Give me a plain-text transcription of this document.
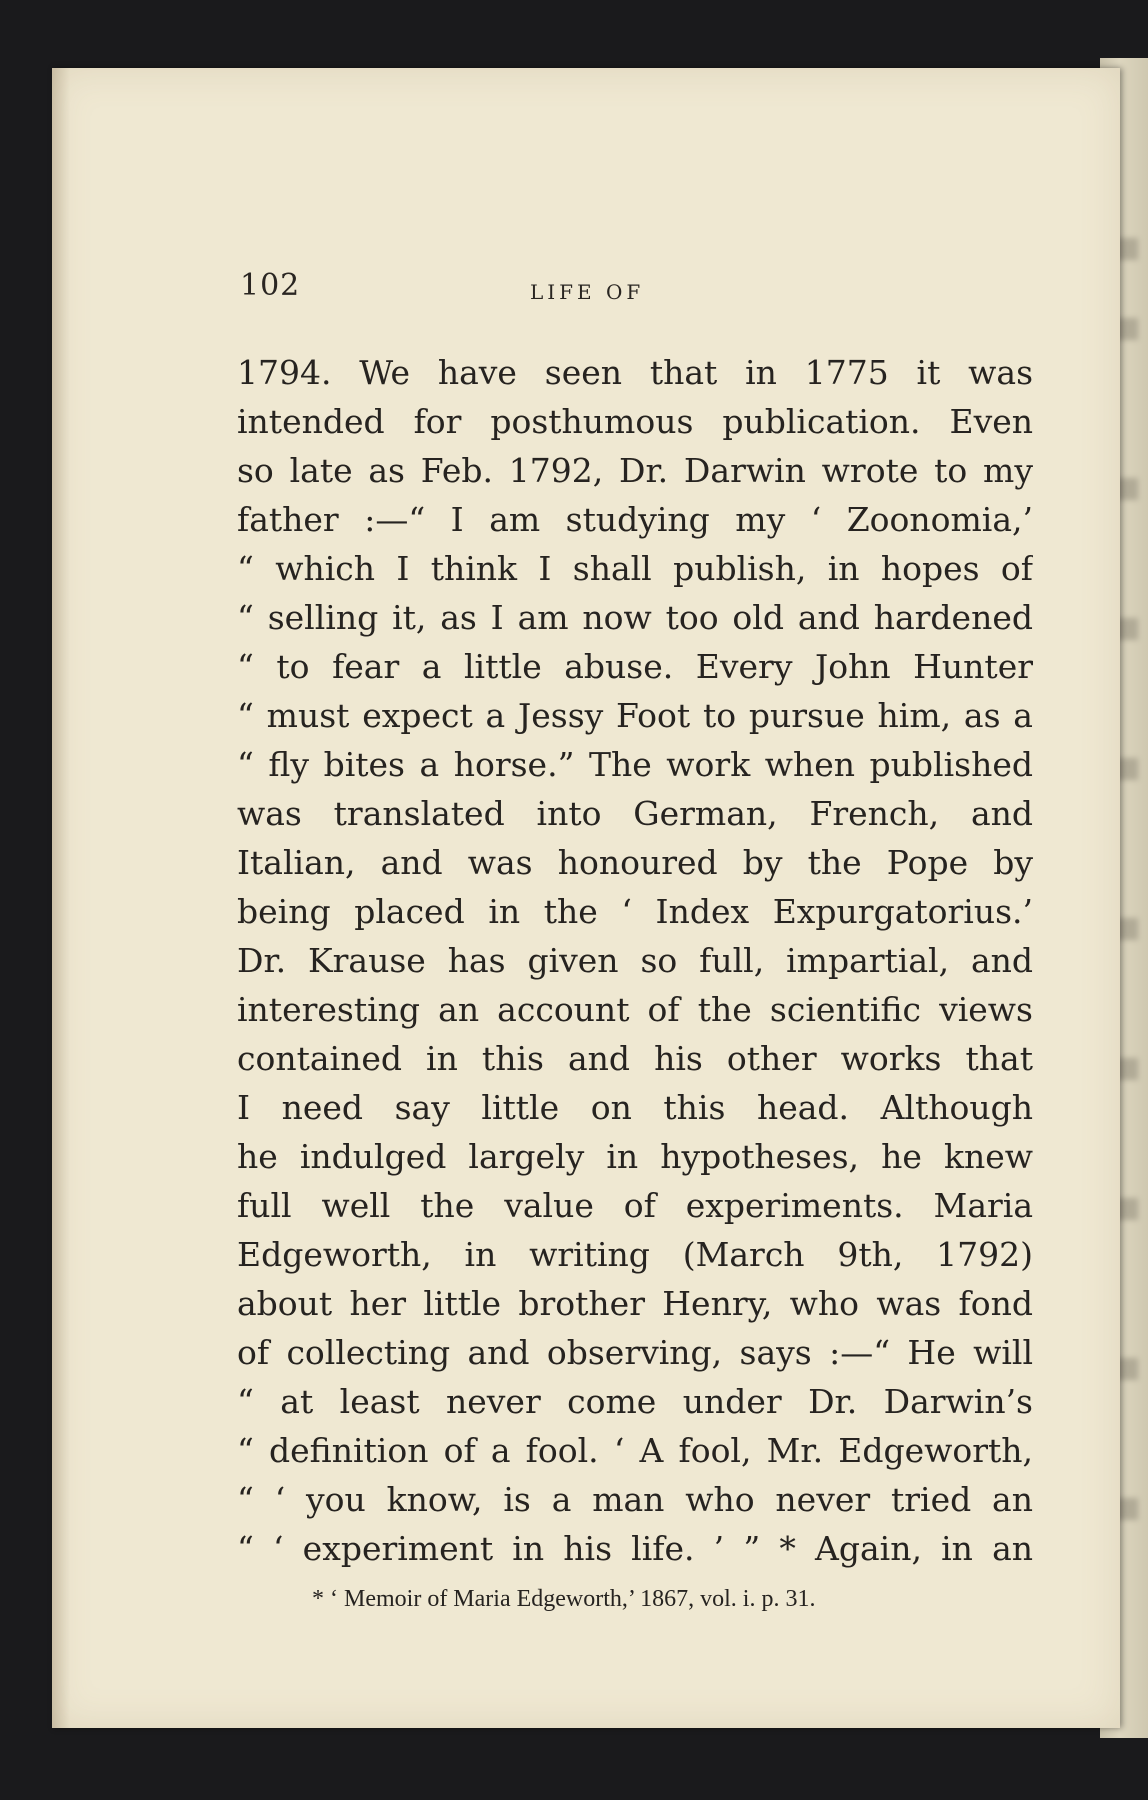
102	LIFE OF
1794. We have seen that in 1775 it was
intended for posthumous publication. Even
so late as Feb. 1792, Dr. Darwin wrote to my
father :—“ I am studying my ‘ Zoonomia,’
“ which I think I shall publish, in hopes of
“ selling it, as I am now too old and hardened
“ to fear a little abuse. Every John Hunter
“ must expect a Jessy Foot to pursue him, as a
“ fly bites a horse.” The work when published
was translated into German, French, and
Italian, and was honoured by the Pope by
being placed in the ‘ Index Expurgatorius.’
Dr. Krause has given so full, impartial, and
interesting an account of the scientific views
contained in this and his other works that
I need say little on this head. Although
he indulged largely in hypotheses, he knew
full well the value of experiments. Maria
Edgeworth, in writing (March 9th, 1792)
about her little brother Henry, who was fond
of collecting and observing, says :—“ He will
“ at least never come under Dr. Darwin’s
“ definition of a fool. ‘ A fool, Mr. Edgeworth,
“ ‘ you know, is a man who never tried an
“ ‘ experiment in his life. ’ ” * Again, in an
* ‘ Memoir of Maria Edgeworth,’ 1867, vol. i. p. 31.
